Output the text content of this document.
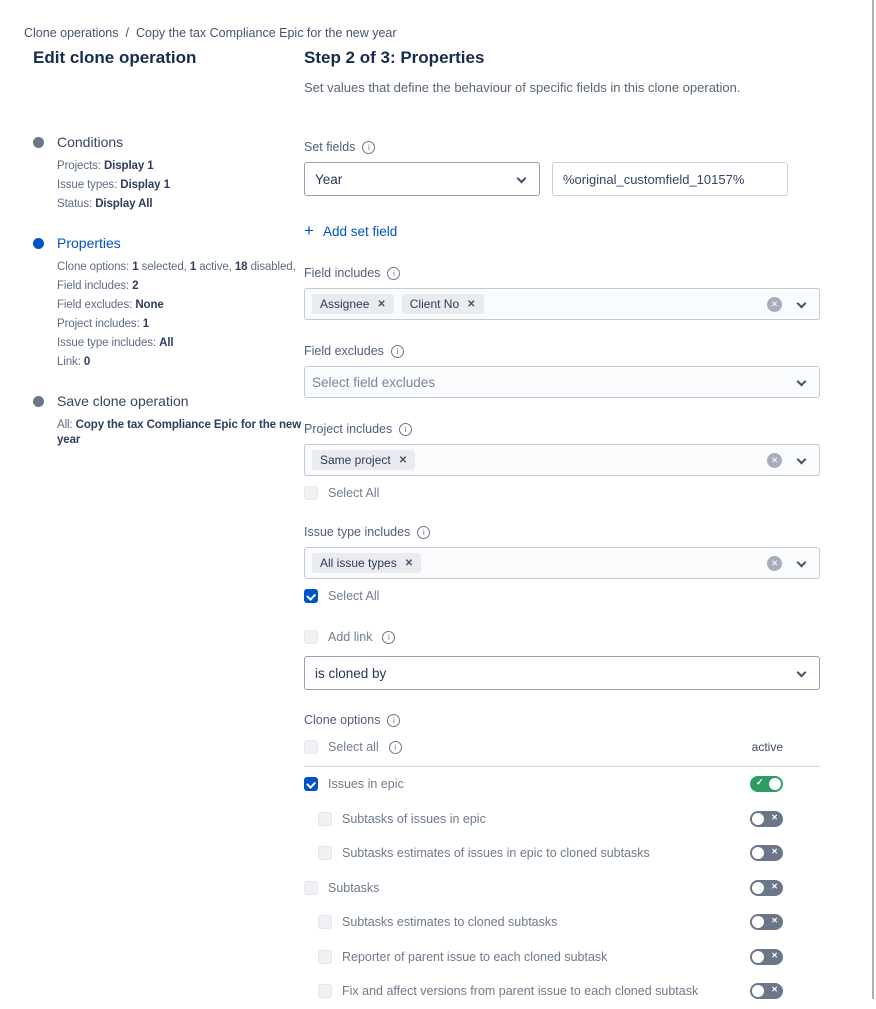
Clone operations / Copy the tax Compliance Epic for the new year
Edit clone operation
Conditions
Projects: Display 1
Issue types: Display 1
Status: Display All
Properties
Clone options: 1 selected, 1 active, 18 disabled,
Field includes: 2
Field excludes: None
Project includes: 1
Issue type includes: All
Link: 0
Save clone operation
All: Copy the tax Compliance Epic for the new year
Step 2 of 3: Properties

Set values that define the behaviour of specific fields in this clone operation.

Set fields	i
Year
%original_customfield_10157%
+ Add set field
Field includes	i
Assignee ✕ Client No ✕	✕
Field excludes	i
Select field excludes
Project includes	i
Same project ✕	✕
Select All
Issue type includes	i
All issue types ✕	✕
Select All
Add link	i
is cloned by
Clone options	i
Select all	i	active
Issues in epic	✓
Subtasks of issues in epic	✕
Subtasks estimates of issues in epic to cloned subtasks	✕
Subtasks	✕
Subtasks estimates to cloned subtasks	✕
Reporter of parent issue to each cloned subtask	✕
Fix and affect versions from parent issue to each cloned subtask	✕
